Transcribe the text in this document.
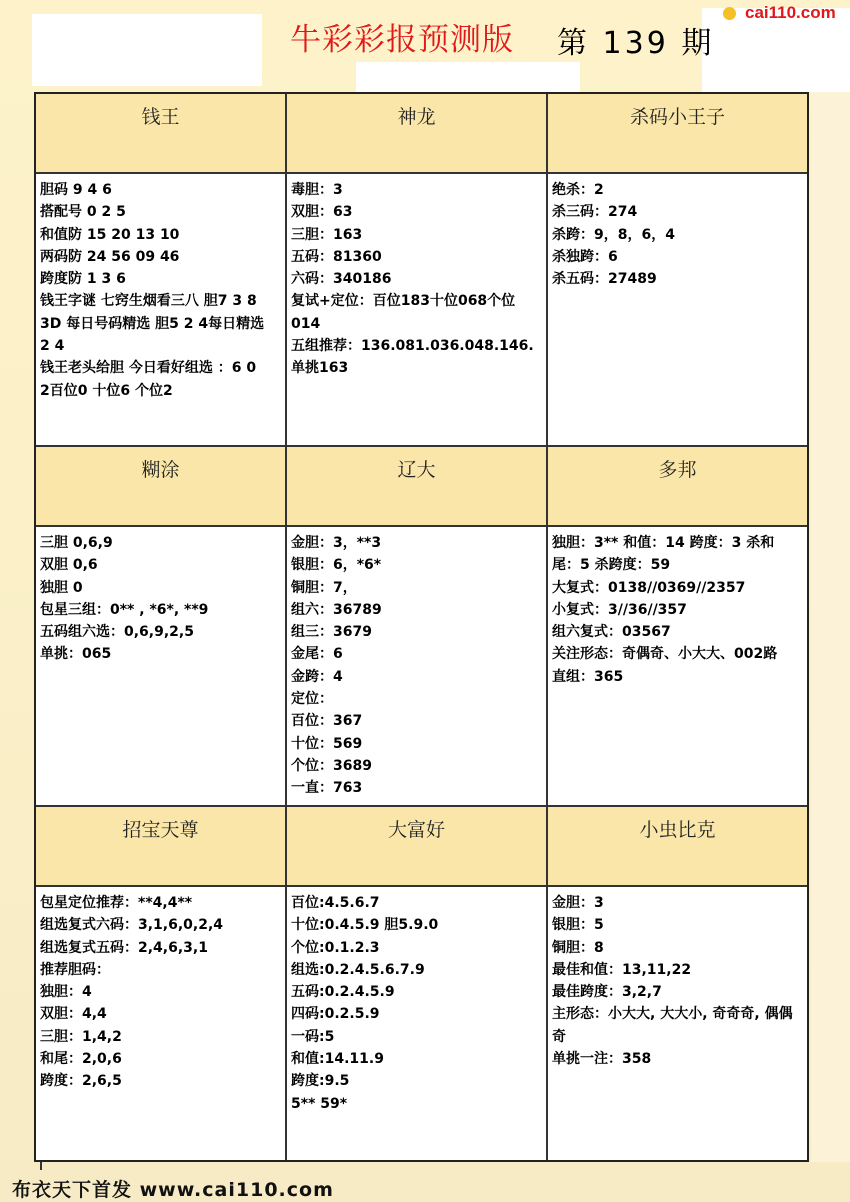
cai110.com
牛彩彩报预测版 第 139 期
钱王
胆码 9 4 6
搭配号 0 2 5
和值防 15 20 13 10
两码防 24 56 09 46
跨度防 1 3 6
钱王字谜 七窍生烟看三八 胆7 3 8
3D 每日号码精选 胆5 2 4每日精选
2 4
钱王老头给胆 今日看好组选 ：6 0
2百位0 十位6 个位2
神龙
毒胆：3
双胆：63
三胆：163
五码：81360
六码：340186
复试+定位：百位183十位068个位
014
五组推荐：136.081.036.048.146.
单挑163
杀码小王子
绝杀：2
杀三码：274
杀跨：9，8，6，4
杀独跨：6
杀五码：27489
糊涂
三胆 0,6,9
双胆 0,6
独胆 0
包星三组：0** , *6*, **9
五码组六选：0,6,9,2,5
单挑：065
辽大
金胆：3，**3
银胆：6，*6*
铜胆：7，
组六：36789
组三：3679
金尾：6
金跨：4
定位：
百位：367
十位：569
个位：3689
一直：763
多邦
独胆：3** 和值：14 跨度：3 杀和
尾：5 杀跨度：59
大复式：0138//0369//2357
小复式：3//36//357
组六复式：03567
关注形态：奇偶奇、小大大、002路
直组：365
招宝天尊
包星定位推荐：**4,4**
组选复式六码：3,1,6,0,2,4
组选复式五码：2,4,6,3,1
推荐胆码：
独胆：4
双胆：4,4
三胆：1,4,2
和尾：2,0,6
跨度：2,6,5
大富好
百位:4.5.6.7
十位:0.4.5.9 胆5.9.0
个位:0.1.2.3
组选:0.2.4.5.6.7.9
五码:0.2.4.5.9
四码:0.2.5.9
一码:5
和值:14.11.9
跨度:9.5
5** 59*
小虫比克
金胆：3
银胆：5
铜胆：8
最佳和值：13,11,22
最佳跨度：3,2,7
主形态：小大大, 大大小, 奇奇奇, 偶偶
奇
单挑一注：358
布衣天下首发 www.cai110.com
